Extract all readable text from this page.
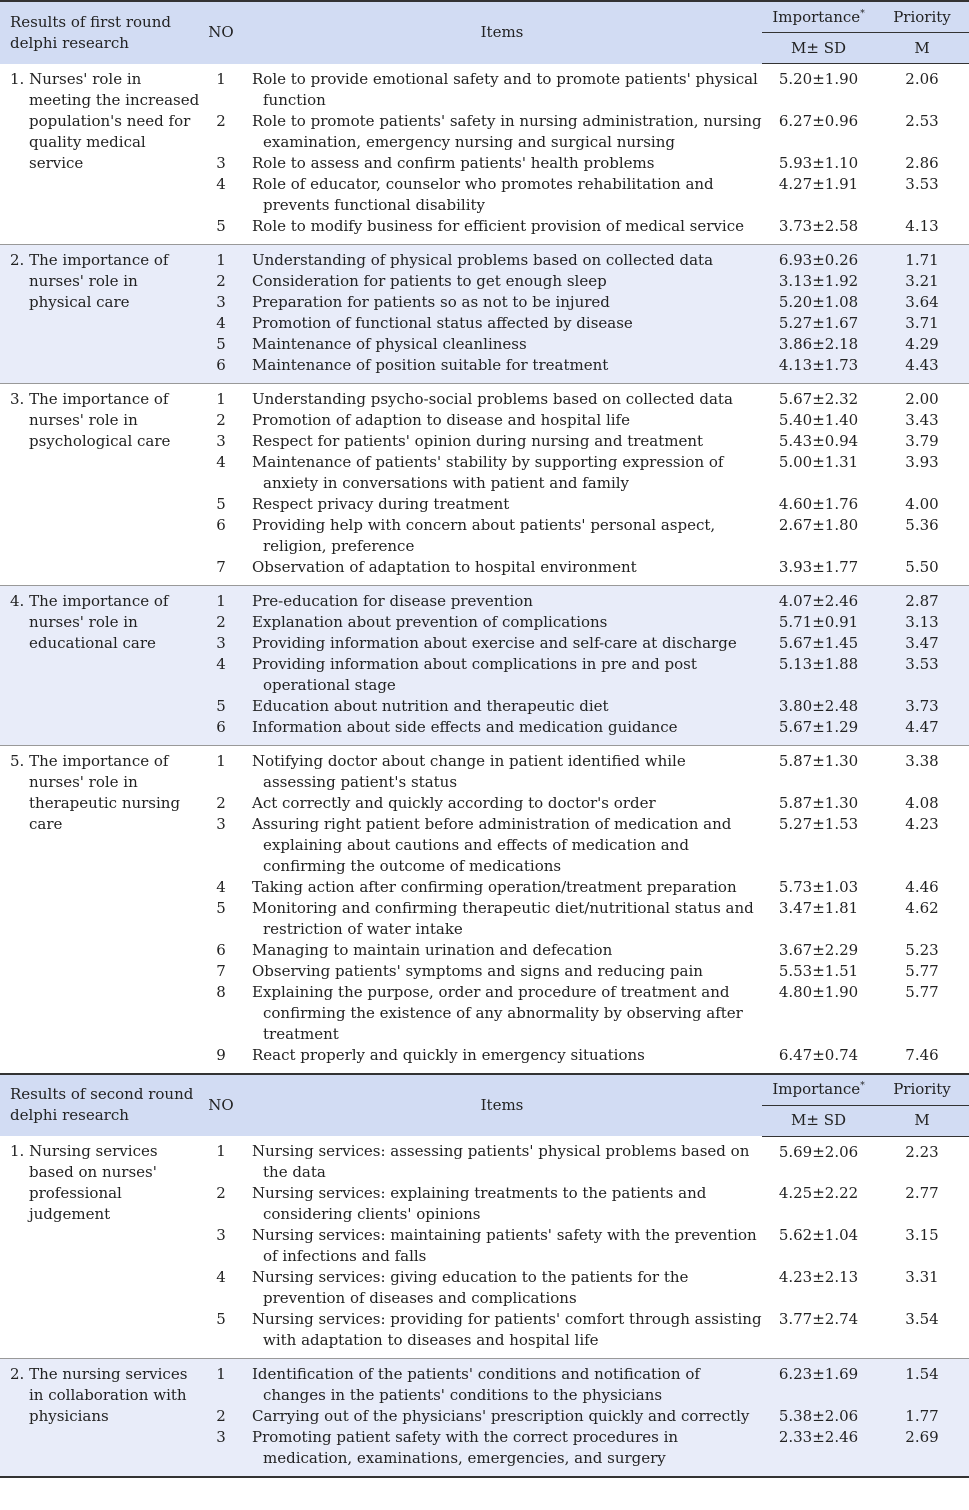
Results of first round delphi research	NO	Items	Importance*	Priority
			M± SD	M

1. Nurses' role in meeting the increased population's need for quality medical service	1	Role to provide emotional safety and to promote patients' physical function	5.20±1.90	2.06
	2	Role to promote patients' safety in nursing administration, nursing examination, emergency nursing and surgical nursing	6.27±0.96	2.53
	3	Role to assess and confirm patients' health problems	5.93±1.10	2.86
	4	Role of educator, counselor who promotes rehabilitation and prevents functional disability	4.27±1.91	3.53
	5	Role to modify business for efficient provision of medical service	3.73±2.58	4.13

2. The importance of nurses' role in physical care	1	Understanding of physical problems based on collected data	6.93±0.26	1.71
	2	Consideration for patients to get enough sleep	3.13±1.92	3.21
	3	Preparation for patients so as not to be injured	5.20±1.08	3.64
	4	Promotion of functional status affected by disease	5.27±1.67	3.71
	5	Maintenance of physical cleanliness	3.86±2.18	4.29
	6	Maintenance of position suitable for treatment	4.13±1.73	4.43

3. The importance of nurses' role in psychological care	1	Understanding psycho-social problems based on collected data	5.67±2.32	2.00
	2	Promotion of adaption to disease and hospital life	5.40±1.40	3.43
	3	Respect for patients' opinion during nursing and treatment	5.43±0.94	3.79
	4	Maintenance of patients' stability by supporting expression of anxiety in conversations with patient and family	5.00±1.31	3.93
	5	Respect privacy during treatment	4.60±1.76	4.00
	6	Providing help with concern about patients' personal aspect, religion, preference	2.67±1.80	5.36
	7	Observation of adaptation to hospital environment	3.93±1.77	5.50

4. The importance of nurses' role in educational care	1	Pre-education for disease prevention	4.07±2.46	2.87
	2	Explanation about prevention of complications	5.71±0.91	3.13
	3	Providing information about exercise and self-care at discharge	5.67±1.45	3.47
	4	Providing information about complications in pre and post operational stage	5.13±1.88	3.53
	5	Education about nutrition and therapeutic diet	3.80±2.48	3.73
	6	Information about side effects and medication guidance	5.67±1.29	4.47

5. The importance of nurses' role in therapeutic nursing care	1	Notifying doctor about change in patient identified while assessing patient's status	5.87±1.30	3.38
	2	Act correctly and quickly according to doctor's order	5.87±1.30	4.08
	3	Assuring right patient before administration of medication and explaining about cautions and effects of medication and confirming the outcome of medications	5.27±1.53	4.23
	4	Taking action after confirming operation/treatment preparation	5.73±1.03	4.46
	5	Monitoring and confirming therapeutic diet/nutritional status and restriction of water intake	3.47±1.81	4.62
	6	Managing to maintain urination and defecation	3.67±2.29	5.23
	7	Observing patients' symptoms and signs and reducing pain	5.53±1.51	5.77
	8	Explaining the purpose, order and procedure of treatment and confirming the existence of any abnormality by observing after treatment	4.80±1.90	5.77
	9	React properly and quickly in emergency situations	6.47±0.74	7.46
Results of second round delphi research	NO	Items	Importance*	Priority
			M± SD	M

1. Nursing services based on nurses' professional judgement	1	Nursing services: assessing patients' physical problems based on the data	5.69±2.06	2.23
	2	Nursing services: explaining treatments to the patients and considering clients' opinions	4.25±2.22	2.77
	3	Nursing services: maintaining patients' safety with the prevention of infections and falls	5.62±1.04	3.15
	4	Nursing services: giving education to the patients for the prevention of diseases and complications	4.23±2.13	3.31
	5	Nursing services: providing for patients' comfort through assisting with adaptation to diseases and hospital life	3.77±2.74	3.54

2. The nursing services in collaboration with physicians	1	Identification of the patients' conditions and notification of changes in the patients' conditions to the physicians	6.23±1.69	1.54
	2	Carrying out of the physicians' prescription quickly and correctly	5.38±2.06	1.77
	3	Promoting patient safety with the correct procedures in medication, examinations, emergencies, and surgery	2.33±2.46	2.69
